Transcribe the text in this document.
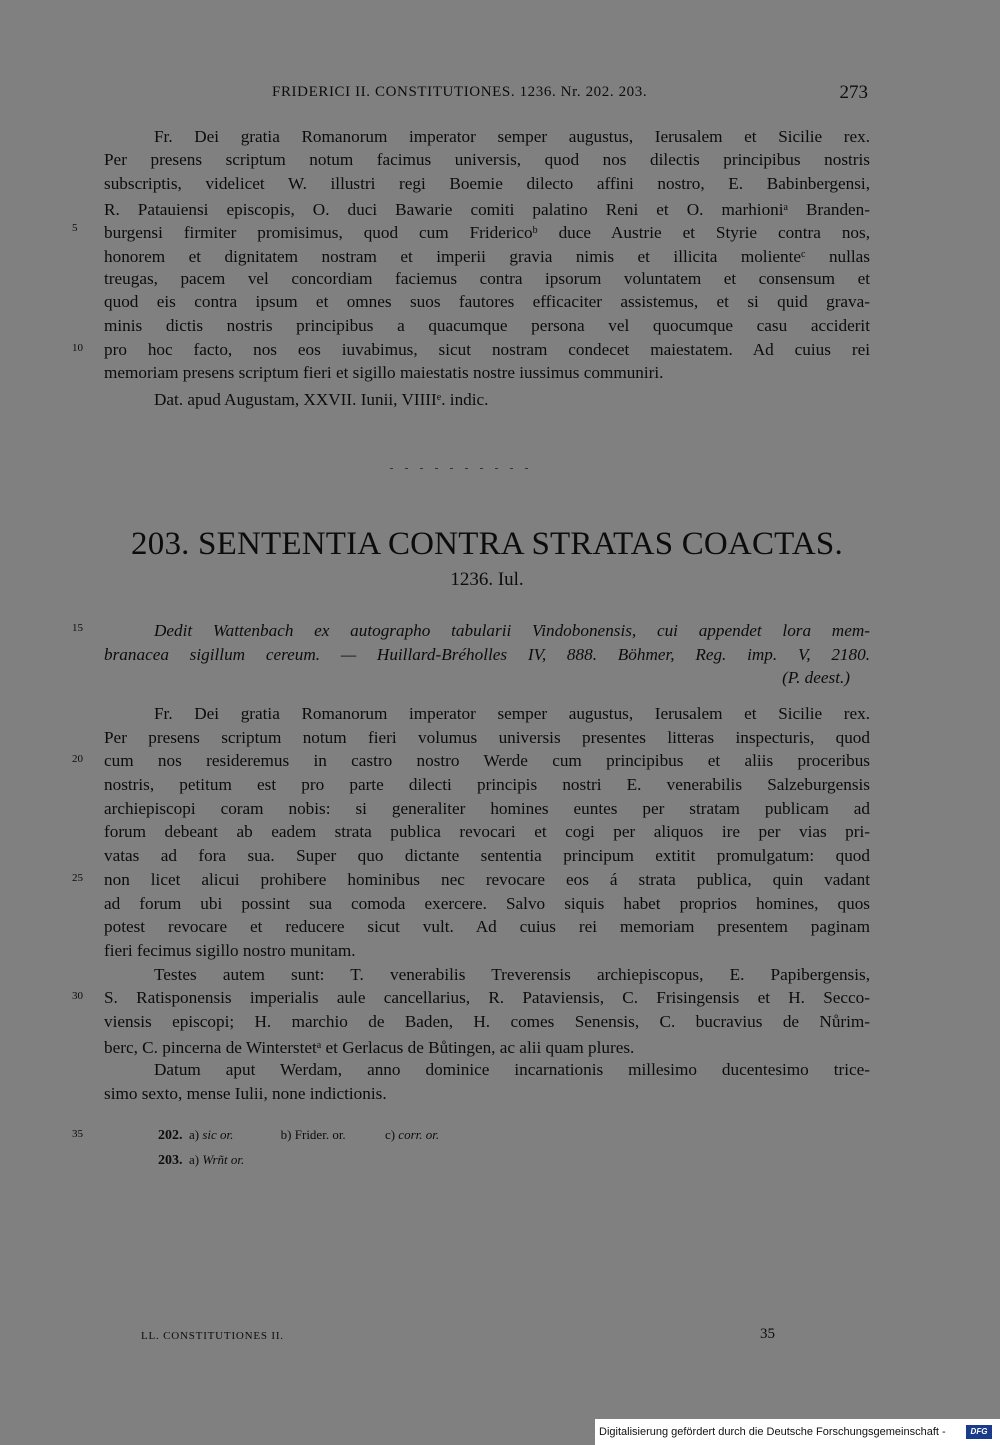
FRIDERICI II. CONSTITUTIONES. 1236. Nr. 202. 203.	273
Fr. Dei gratia Romanorum imperator semper augustus, Ierusalem et Sicilie rex.
Per presens scriptum notum facimus universis, quod nos dilectis principibus nostris
subscriptis, videlicet W. illustri regi Boemie dilecto affini nostro, E. Babinbergensi,
R. Patauiensi episcopis, O. duci Bawarie comiti palatino Reni et O. marhioni$^a$ Branden-
burgensi firmiter promisimus, quod cum Friderico$^b$ duce Austrie et Styrie contra nos,
honorem et dignitatem nostram et imperii gravia nimis et illicita moliente$^c$ nullas
treugas, pacem vel concordiam faciemus contra ipsorum voluntatem et consensum et
quod eis contra ipsum et omnes suos fautores efficaciter assistemus, et si quid grava-
minis dictis nostris principibus a quacumque persona vel quocumque casu acciderit
pro hoc facto, nos eos iuvabimus, sicut nostram condecet maiestatem. Ad cuius rei
memoriam presens scriptum fieri et sigillo maiestatis nostre iussimus communiri.
Dat. apud Augustam, XXVII. Iunii, VIIIIe. indic.
203. SENTENTIA CONTRA STRATAS COACTAS.
1236. Iul.
Dedit Wattenbach ex autographo tabularii Vindobonensis, cui appendet lora mem-
branacea sigillum cereum. — Huillard-Bréholles IV, 888. Böhmer, Reg. imp. V, 2180.
(P. deest.)
Fr. Dei gratia Romanorum imperator semper augustus, Ierusalem et Sicilie rex.
Per presens scriptum notum fieri volumus universis presentes litteras inspecturis, quod
cum nos resideremus in castro nostro Werde cum principibus et aliis proceribus
nostris, petitum est pro parte dilecti principis nostri E. venerabilis Salzeburgensis
archiepiscopi coram nobis: si generaliter homines euntes per stratam publicam ad
forum debeant ab eadem strata publica revocari et cogi per aliquos ire per vias pri-
vatas ad fora sua. Super quo dictante sententia principum extitit promulgatum: quod
non licet alicui prohibere hominibus nec revocare eos á strata publica, quin vadant
ad forum ubi possint sua comoda exercere. Salvo siquis habet proprios homines, quos
potest revocare et reducere sicut vult. Ad cuius rei memoriam presentem paginam
fieri fecimus sigillo nostro munitam.
Testes autem sunt: T. venerabilis Treverensis archiepiscopus, E. Papibergensis,
S. Ratisponensis imperialis aule cancellarius, R. Pataviensis, C. Frisingensis et H. Secco-
viensis episcopi; H. marchio de Baden, H. comes Senensis, C. bucravius de Nůrim-
berc, C. pincerna de Winterstet$^a$ et Gerlacus de Bůtingen, ac alii quam plures.
Datum aput Werdam, anno dominice incarnationis millesimo ducentesimo trice-
simo sexto, mense Iulii, none indictionis.
5
10
15
20
25
30
35	202. a) sic or.	b) Frider. or.	c) corr. or.
203. a) Wrñt or.
LL. CONSTITUTIONES II.	35
Digitalisierung gefördert durch die Deutsche Forschungsgemeinschaft -	DFG
